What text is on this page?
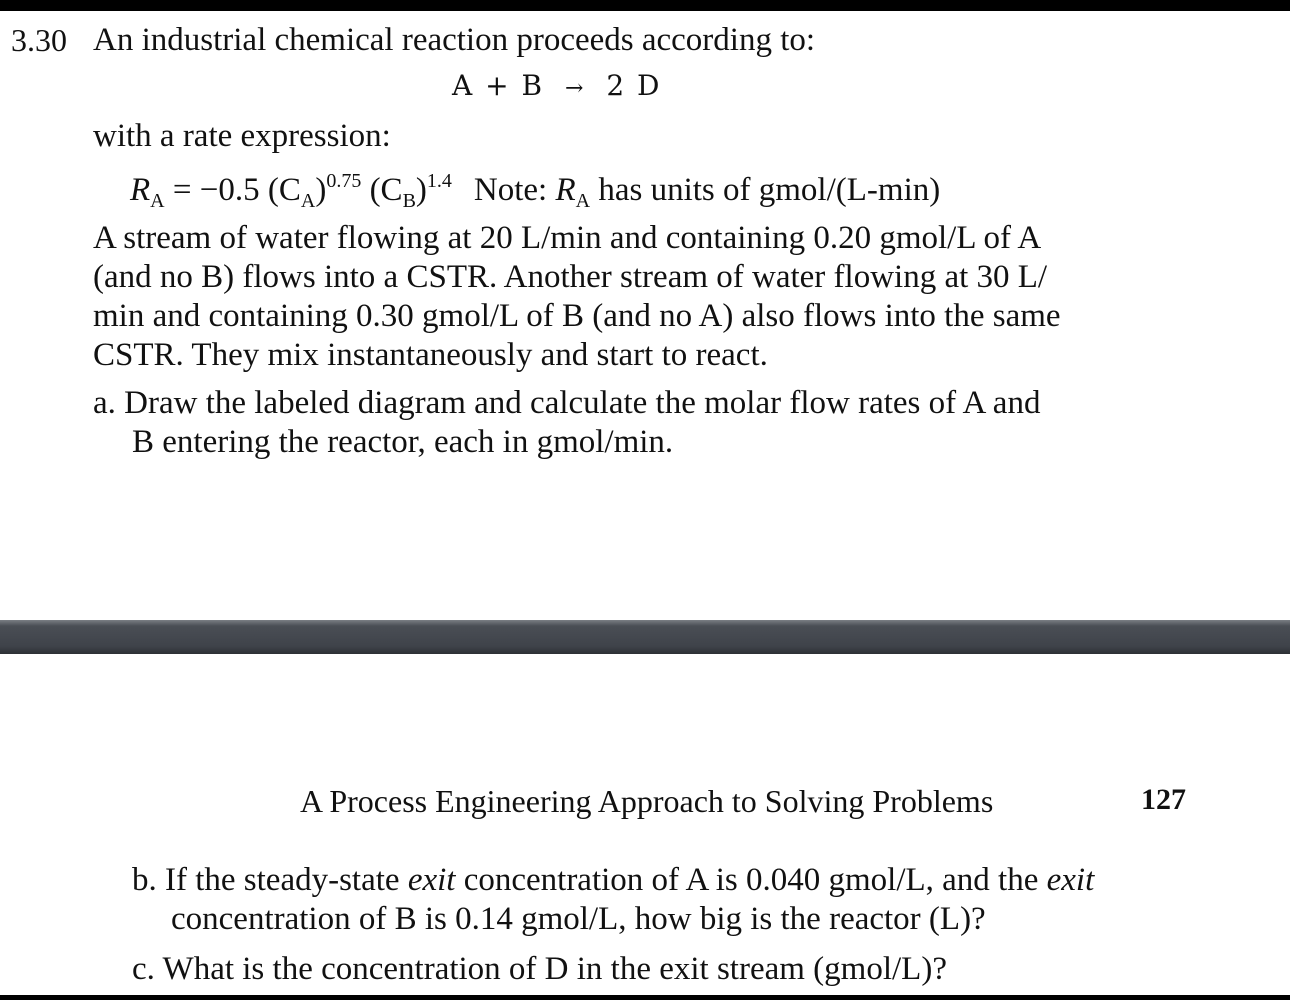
3.30 An industrial chemical reaction proceeds according to:
A + B → 2 D
with a rate expression:
$R_A = -0.5$ $(C_A)^{0.75}$ $(C_B)^{1.4}$ Note: $R_A$ has units of gmol/(L-min)
A stream of water flowing at 20 L/min and containing 0.20 gmol/L of A
(and no B) flows into a CSTR. Another stream of water flowing at 30 L/
min and containing 0.30 gmol/L of B (and no A) also flows into the same
CSTR. They mix instantaneously and start to react.
a. Draw the labeled diagram and calculate the molar flow rates of A and
B entering the reactor, each in gmol/min.
A Process Engineering Approach to Solving Problems	127
b. If the steady-state exit concentration of A is 0.040 gmol/L, and the exit
concentration of B is 0.14 gmol/L, how big is the reactor (L)?
c. What is the concentration of D in the exit stream (gmol/L)?
